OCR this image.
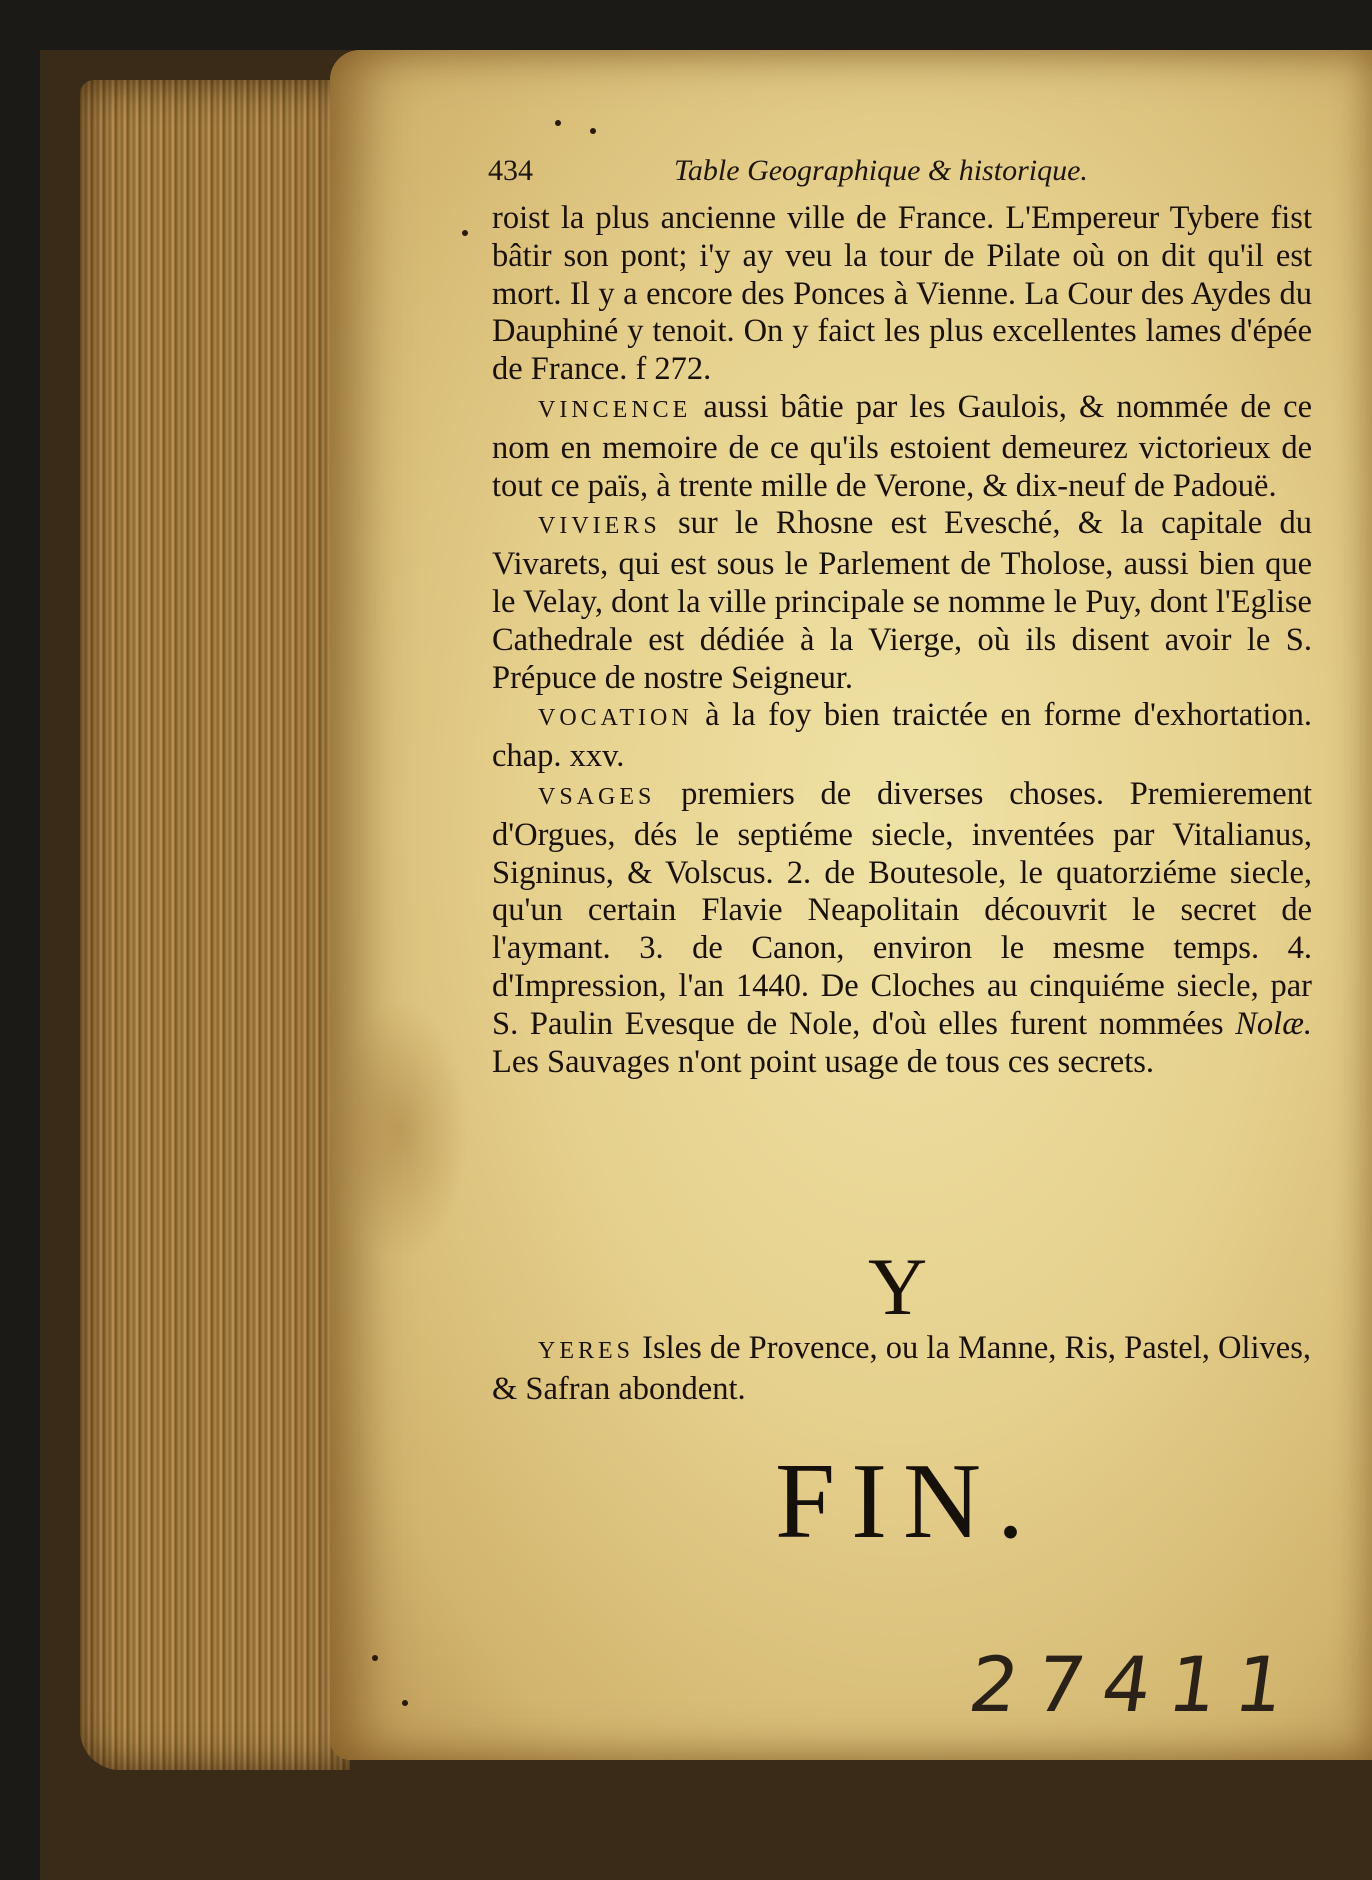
434	Table Geographique & historique.

roist la plus ancienne ville de France. L'Empereur Tybere fist bâtir son pont; i'y ay veu la tour de Pilate où on dit qu'il est mort. Il y a encore des Ponces à Vienne. La Cour des Aydes du Dauphiné y tenoit. On y faict les plus excellentes lames d'épée de France. f 272.

VINCENCE aussi bâtie par les Gaulois, & nommée de ce nom en memoire de ce qu'ils estoient demeurez victorieux de tout ce païs, à trente mille de Verone, & dix-neuf de Padouë.

VIVIERS sur le Rhosne est Evesché, & la capitale du Vivarets, qui est sous le Parlement de Tholose, aussi bien que le Velay, dont la ville principale se nomme le Puy, dont l'Eglise Cathedrale est dédiée à la Vierge, où ils disent avoir le S. Prépuce de nostre Seigneur.

VOCATION à la foy bien traictée en forme d'exhortation. chap. xxv.

VSAGES premiers de diverses choses. Premierement d'Orgues, dés le septiéme siecle, inventées par Vitalianus, Signinus, & Volscus. 2. de Boutesole, le quatorziéme siecle, qu'un certain Flavie Neapolitain découvrit le secret de l'aymant. 3. de Canon, environ le mesme temps. 4. d'Impression, l'an 1440. De Cloches au cinquiéme siecle, par S. Paulin Evesque de Nole, d'où elles furent nommées Nolæ. Les Sauvages n'ont point usage de tous ces secrets.

Y

YERES Isles de Provence, ou la Manne, Ris, Pastel, Olives, & Safran abondent.

FIN.
27411
